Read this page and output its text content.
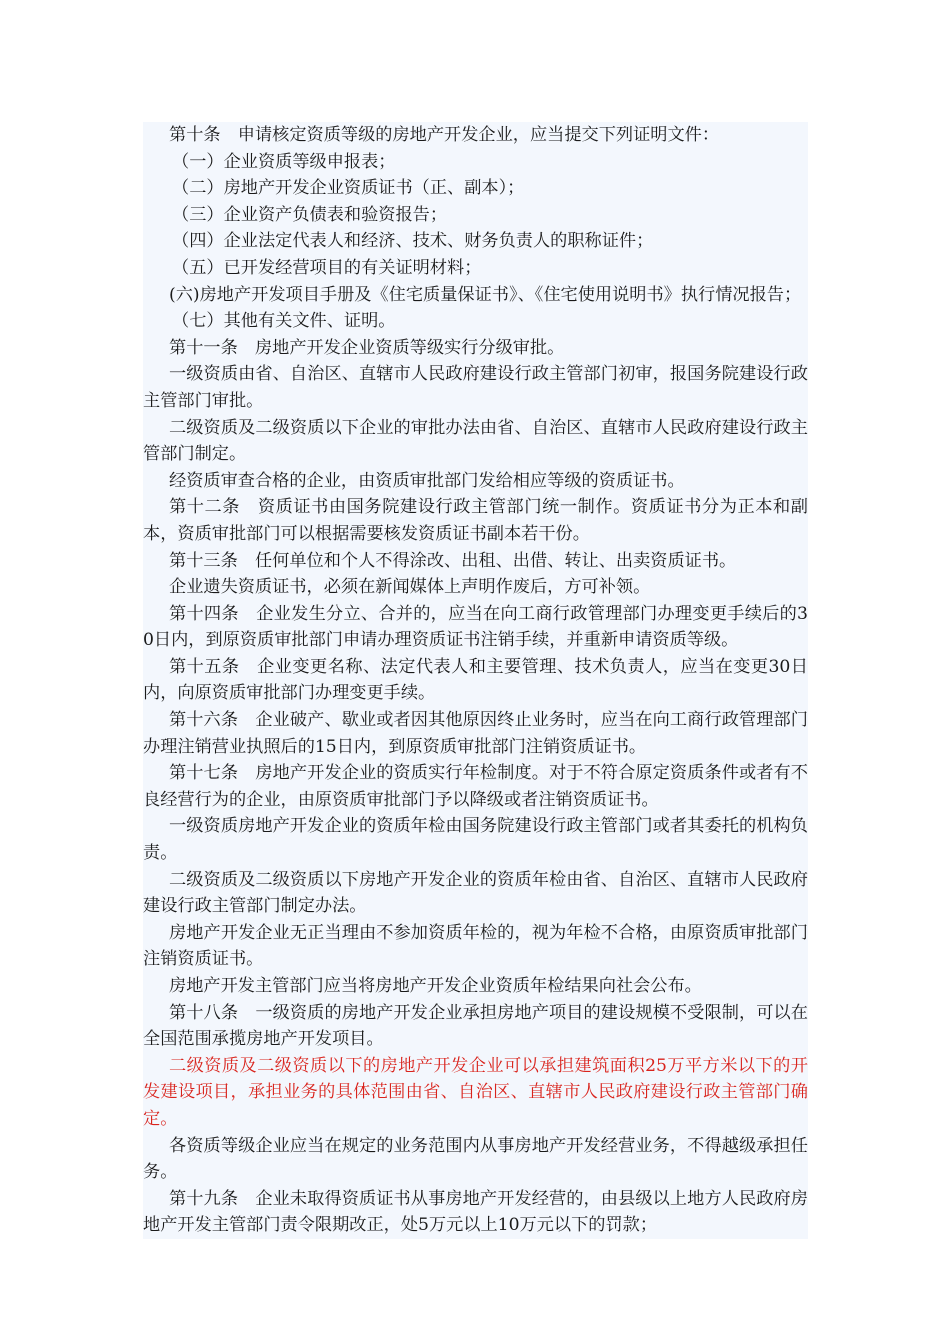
第十条　申请核定资质等级的房地产开发企业，应当提交下列证明文件：

（一）企业资质等级申报表；

（二）房地产开发企业资质证书（正、副本）；

（三）企业资产负债表和验资报告；

（四）企业法定代表人和经济、技术、财务负责人的职称证件；

（五）已开发经营项目的有关证明材料；

(六)房地产开发项目手册及《住宅质量保证书》、《住宅使用说明书》执行情况报告；

（七）其他有关文件、证明。

第十一条　房地产开发企业资质等级实行分级审批。

一级资质由省、自治区、直辖市人民政府建设行政主管部门初审，报国务院建设行政主管部门审批。

二级资质及二级资质以下企业的审批办法由省、自治区、直辖市人民政府建设行政主管部门制定。

经资质审查合格的企业，由资质审批部门发给相应等级的资质证书。

第十二条　资质证书由国务院建设行政主管部门统一制作。资质证书分为正本和副本，资质审批部门可以根据需要核发资质证书副本若干份。

第十三条　任何单位和个人不得涂改、出租、出借、转让、出卖资质证书。

企业遗失资质证书，必须在新闻媒体上声明作废后，方可补领。

第十四条　企业发生分立、合并的，应当在向工商行政管理部门办理变更手续后的30日内，到原资质审批部门申请办理资质证书注销手续，并重新申请资质等级。

第十五条　企业变更名称、法定代表人和主要管理、技术负责人，应当在变更30日内，向原资质审批部门办理变更手续。

第十六条　企业破产、歇业或者因其他原因终止业务时，应当在向工商行政管理部门办理注销营业执照后的15日内，到原资质审批部门注销资质证书。

第十七条　房地产开发企业的资质实行年检制度。对于不符合原定资质条件或者有不良经营行为的企业，由原资质审批部门予以降级或者注销资质证书。

一级资质房地产开发企业的资质年检由国务院建设行政主管部门或者其委托的机构负责。

二级资质及二级资质以下房地产开发企业的资质年检由省、自治区、直辖市人民政府建设行政主管部门制定办法。

房地产开发企业无正当理由不参加资质年检的，视为年检不合格，由原资质审批部门注销资质证书。

房地产开发主管部门应当将房地产开发企业资质年检结果向社会公布。

第十八条　一级资质的房地产开发企业承担房地产项目的建设规模不受限制，可以在全国范围承揽房地产开发项目。

二级资质及二级资质以下的房地产开发企业可以承担建筑面积25万平方米以下的开发建设项目，承担业务的具体范围由省、自治区、直辖市人民政府建设行政主管部门确定。

各资质等级企业应当在规定的业务范围内从事房地产开发经营业务，不得越级承担任务。

第十九条　企业未取得资质证书从事房地产开发经营的，由县级以上地方人民政府房地产开发主管部门责令限期改正，处5万元以上10万元以下的罚款；
